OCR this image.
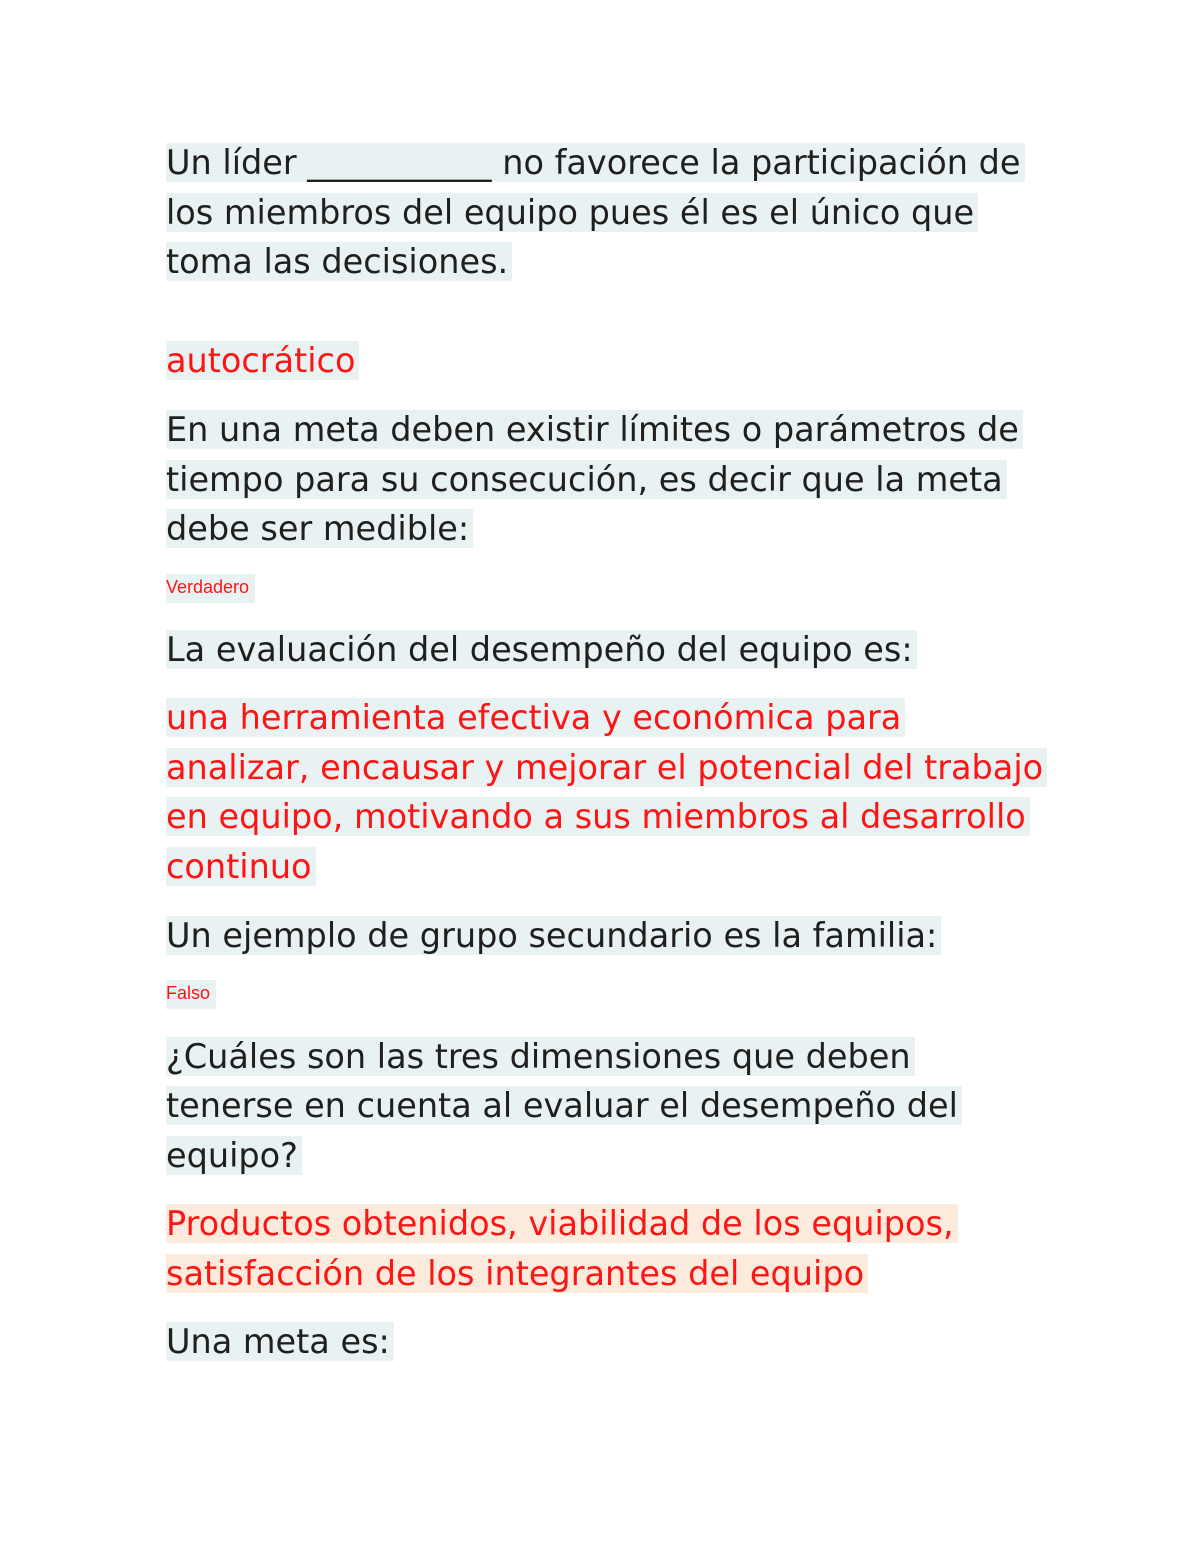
Un líder ___________ no favorece la participación de los miembros del equipo pues él es el único que toma las decisiones.

autocrático

En una meta deben existir límites o parámetros de tiempo para su consecución, es decir que la meta debe ser medible:

Verdadero

La evaluación del desempeño del equipo es:

una herramienta efectiva y económica para analizar, encausar y mejorar el potencial del trabajo en equipo, motivando a sus miembros al desarrollo continuo

Un ejemplo de grupo secundario es la familia:

Falso

¿Cuáles son las tres dimensiones que deben tenerse en cuenta al evaluar el desempeño del equipo?

Productos obtenidos, viabilidad de los equipos, satisfacción de los integrantes del equipo

Una meta es:
